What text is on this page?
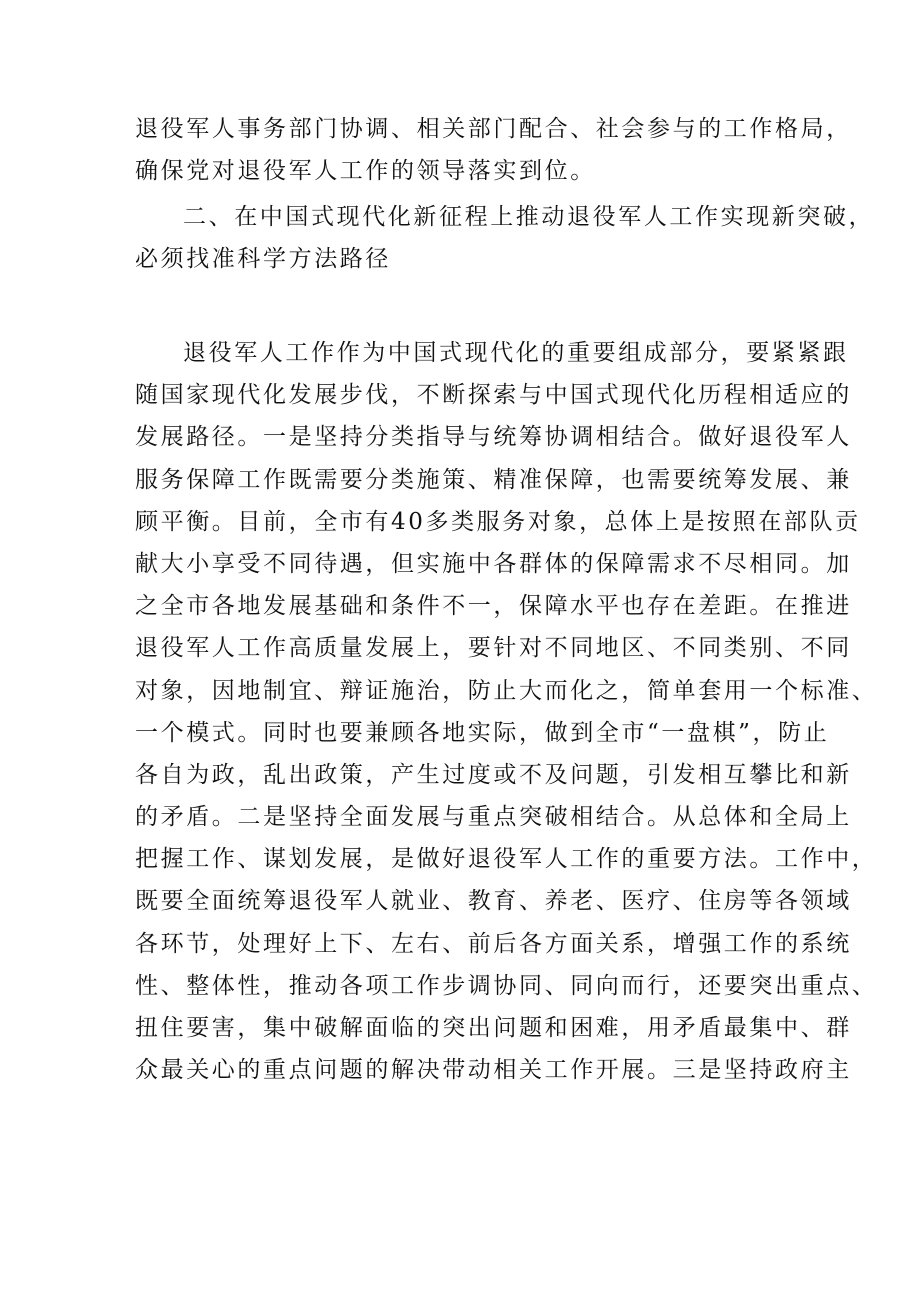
退役军人事务部门协调、相关部门配合、社会参与的工作格局，
确保党对退役军人工作的领导落实到位。

二、在中国式现代化新征程上推动退役军人工作实现新突破，
必须找准科学方法路径

退役军人工作作为中国式现代化的重要组成部分，要紧紧跟
随国家现代化发展步伐，不断探索与中国式现代化历程相适应的
发展路径。一是坚持分类指导与统筹协调相结合。做好退役军人
服务保障工作既需要分类施策、精准保障，也需要统筹发展、兼
顾平衡。目前，全市有40多类服务对象，总体上是按照在部队贡
献大小享受不同待遇，但实施中各群体的保障需求不尽相同。加
之全市各地发展基础和条件不一，保障水平也存在差距。在推进
退役军人工作高质量发展上，要针对不同地区、不同类别、不同
对象，因地制宜、辩证施治，防止大而化之，简单套用一个标准、
一个模式。同时也要兼顾各地实际，做到全市“一盘棋”，防止
各自为政，乱出政策，产生过度或不及问题，引发相互攀比和新
的矛盾。二是坚持全面发展与重点突破相结合。从总体和全局上
把握工作、谋划发展，是做好退役军人工作的重要方法。工作中，
既要全面统筹退役军人就业、教育、养老、医疗、住房等各领域
各环节，处理好上下、左右、前后各方面关系，增强工作的系统
性、整体性，推动各项工作步调协同、同向而行，还要突出重点、
扭住要害，集中破解面临的突出问题和困难，用矛盾最集中、群
众最关心的重点问题的解决带动相关工作开展。三是坚持政府主
